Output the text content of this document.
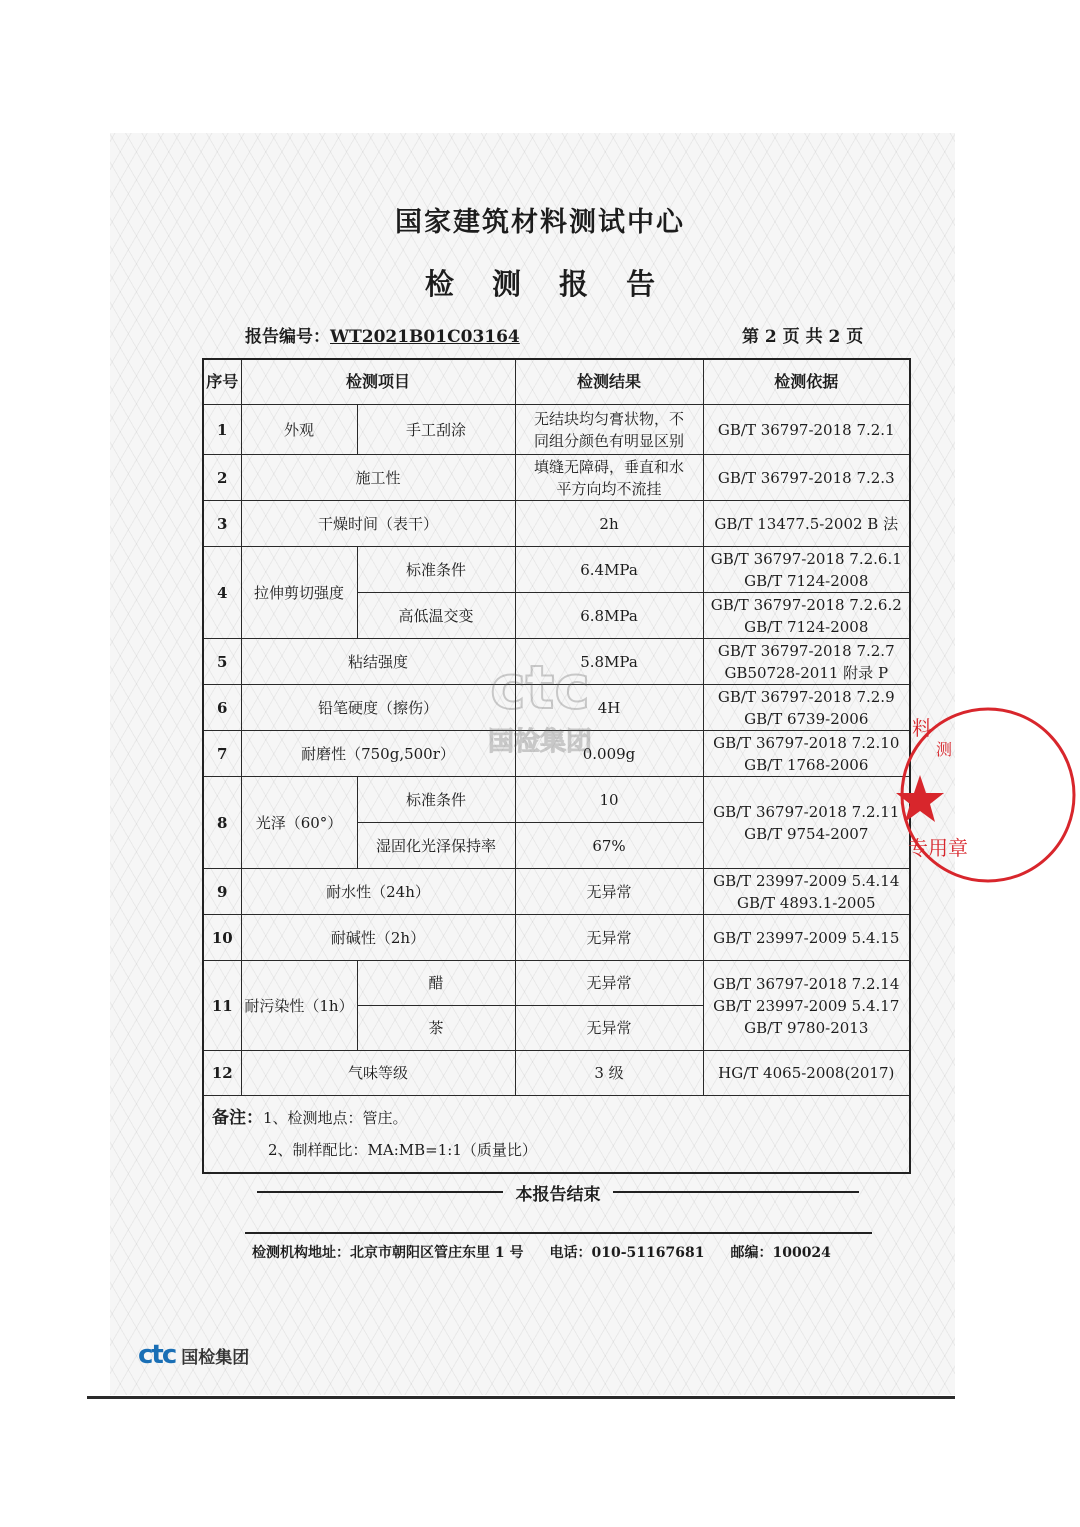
国家建筑材料测试中心
检 测 报 告
报告编号：WT2021B01C03164	第 2 页 共 2 页
序号	检测项目		检测结果	检测依据
1	外观	手工刮涂	无结块均匀膏状物，不
同组分颜色有明显区别	GB/T 36797-2018 7.2.1
2	施工性		填缝无障碍，垂直和水
平方向均不流挂	GB/T 36797-2018 7.2.3
3	干燥时间（表干）		2h	GB/T 13477.5-2002 B 法
4	拉伸剪切强度	标准条件	6.4MPa	GB/T 36797-2018 7.2.6.1
GB/T 7124-2008

		高低温交变	6.8MPa	GB/T 36797-2018 7.2.6.2
GB/T 7124-2008

5	粘结强度		5.8MPa	GB/T 36797-2018 7.2.7
GB50728-2011 附录 P

6	铅笔硬度（擦伤）		4H	GB/T 36797-2018 7.2.9
GB/T 6739-2006

7	耐磨性（750g,500r）		0.009g	GB/T 36797-2018 7.2.10
GB/T 1768-2006

8	光泽（60°）	标准条件	10	GB/T 36797-2018 7.2.11
GB/T 9754-2007

		湿固化光泽保持率	67%	
9	耐水性（24h）		无异常	GB/T 23997-2009 5.4.14
GB/T 4893.1-2005

10	耐碱性（2h）		无异常	GB/T 23997-2009 5.4.15
11	耐污染性（1h）	醋	无异常	GB/T 36797-2018 7.2.14
GB/T 23997-2009 5.4.17
GB/T 9780-2013

		茶	无异常	
12	气味等级		3 级	HG/T 4065-2008(2017)

备注：1、检测地点：管庄。
2、制样配比：MA:MB=1:1（质量比）				
本报告结束
检测机构地址：北京市朝阳区管庄东里 1 号 电话：010-51167681 邮编：100024
ctc 国检集团
ctc
国检集团	料
测
专用章
